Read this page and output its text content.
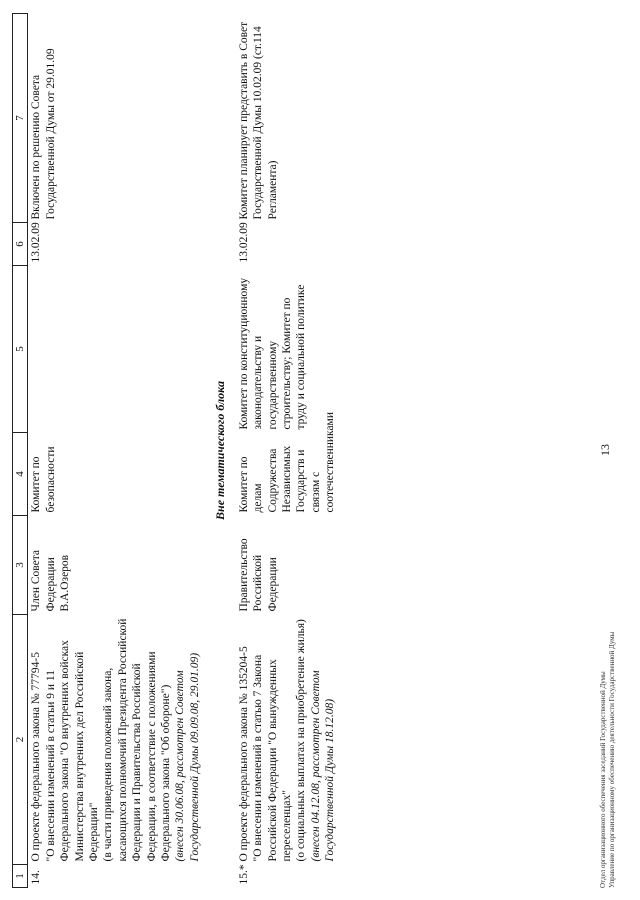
13
1	2	3	4	5	6	7
14.	О проекте федерального закона № 77794-5 "О внесении изменений в статьи 9 и 11 Федерального закона "О внутренних войсках Министерства внутренних дел Российской Федерации" (в части приведения положений закона, касающихся полномочий Президента Российской Федерации и Правительства Российской Федерации, в соответствие с положениями Федерального закона "Об обороне") (внесен 30.06.08, рассмотрен Советом Государственной Думы 09.09.08, 29.01.09)	Член Совета Федерации В.А.Озеров	Комитет по безопасности		13.02.09	Включен по решению Совета Государственной Думы от 29.01.09
Вне тематического блока						
15.*	О проекте федерального закона № 135204-5 "О внесении изменений в статью 7 Закона Российской Федерации "О вынужденных переселенцах" (о социальных выплатах на приобретение жилья) (внесен 04.12.08, рассмотрен Советом Государственной Думы 18.12.08)	Правительство Российской Федерации	Комитет по делам Содружества Независимых Государств и связям с соотечественниками	Комитет по конституционному законодательству и государственному строительству; Комитет по труду и социальной политике	13.02.09	Комитет планирует представить в Совет Государственной Думы 10.02.09 (ст.114 Регламента)
Отдел организационного обеспечения заседаний Государственной Думы Управление по организационному обеспечению деятельности Государственной Думы
